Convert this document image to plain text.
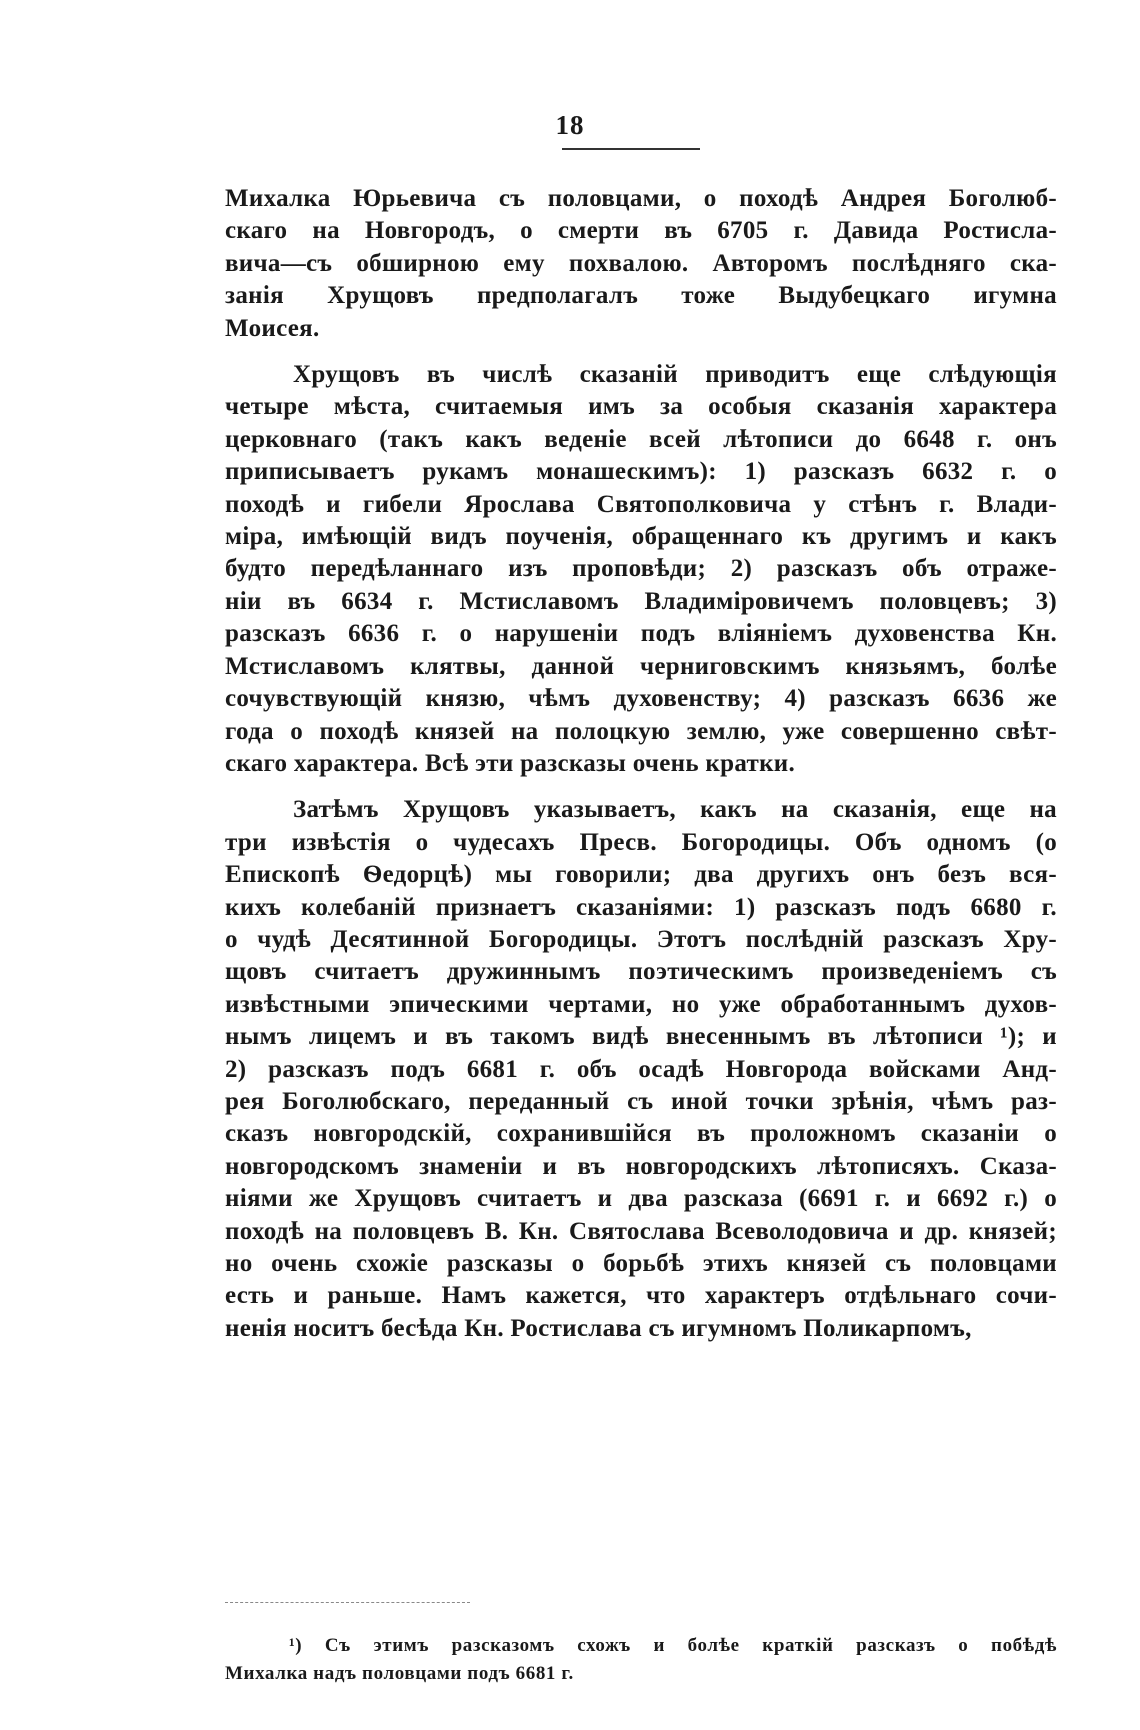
18
Михалка Юрьевича съ половцами, о походѣ Андрея Боголюб-
скаго на Новгородъ, о смерти въ 6705 г. Давида Ростисла-
вича—съ обширною ему похвалою. Авторомъ послѣдняго ска-
занія Хрущовъ предполагалъ тоже Выдубецкаго игумна
Моисея.
Хрущовъ въ числѣ сказаній приводитъ еще слѣдующія
четыре мѣста, считаемыя имъ за особыя сказанія характера
церковнаго (такъ какъ веденіе всей лѣтописи до 6648 г. онъ
приписываетъ рукамъ монашескимъ): 1) разсказъ 6632 г. о
походѣ и гибели Ярослава Святополковича у стѣнъ г. Влади-
міра, имѣющій видъ поученія, обращеннаго къ другимъ и какъ
будто передѣланнаго изъ проповѣди; 2) разсказъ объ отраже-
ніи въ 6634 г. Мстиславомъ Владиміровичемъ половцевъ; 3)
разсказъ 6636 г. о нарушеніи подъ вліяніемъ духовенства Кн.
Мстиславомъ клятвы, данной черниговскимъ князьямъ, болѣе
сочувствующій князю, чѣмъ духовенству; 4) разсказъ 6636 же
года о походѣ князей на полоцкую землю, уже совершенно свѣт-
скаго характера. Всѣ эти разсказы очень кратки.
Затѣмъ Хрущовъ указываетъ, какъ на сказанія, еще на
три извѣстія о чудесахъ Пресв. Богородицы. Объ одномъ (о
Епископѣ Ѳедорцѣ) мы говорили; два другихъ онъ безъ вся-
кихъ колебаній признаетъ сказаніями: 1) разсказъ подъ 6680 г.
о чудѣ Десятинной Богородицы. Этотъ послѣдній разсказъ Хру-
щовъ считаетъ дружиннымъ поэтическимъ произведеніемъ съ
извѣстными эпическими чертами, но уже обработаннымъ духов-
нымъ лицемъ и въ такомъ видѣ внесеннымъ въ лѣтописи ¹); и
2) разсказъ подъ 6681 г. объ осадѣ Новгорода войсками Анд-
рея Боголюбскаго, переданный съ иной точки зрѣнія, чѣмъ раз-
сказъ новгородскій, сохранившійся въ проложномъ сказаніи о
новгородскомъ знаменіи и въ новгородскихъ лѣтописяхъ. Сказа-
ніями же Хрущовъ считаетъ и два разсказа (6691 г. и 6692 г.) о
походѣ на половцевъ В. Кн. Святослава Всеволодовича и др. князей;
но очень схожіе разсказы о борьбѣ этихъ князей съ половцами
есть и раньше. Намъ кажется, что характеръ отдѣльнаго сочи-
ненія носитъ бесѣда Кн. Ростислава съ игумномъ Поликарпомъ,
¹) Съ этимъ разсказомъ схожъ и болѣе краткій разсказъ о побѣдѣ
Михалка надъ половцами подъ 6681 г.
